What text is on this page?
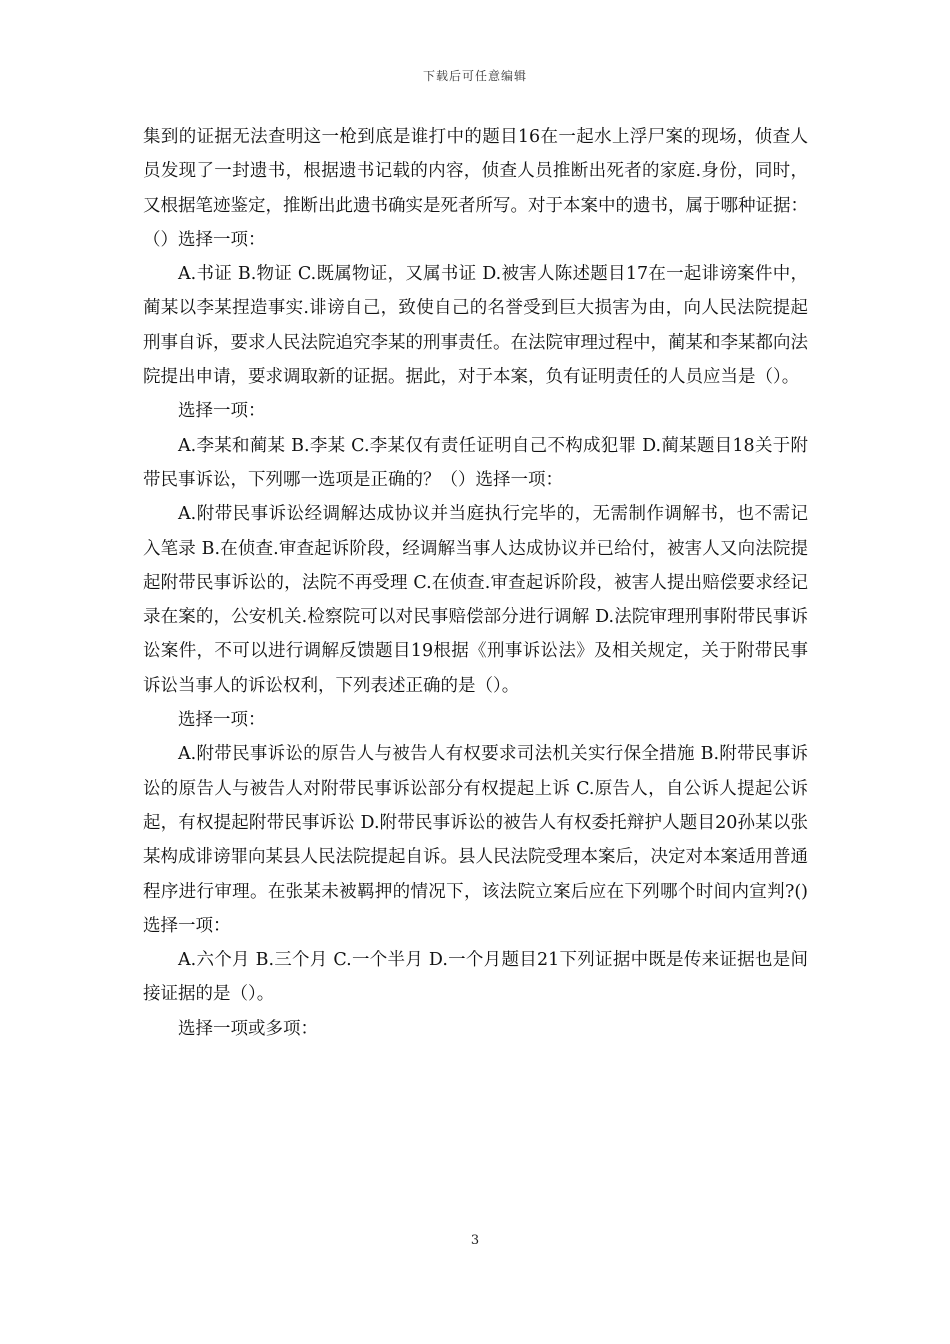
下载后可任意编辑

集到的证据无法查明这一枪到底是谁打中的题目16在一起水上浮尸案的现场，侦查人员发现了一封遗书，根据遗书记载的内容，侦查人员推断出死者的家庭.身份，同时，又根据笔迹鉴定，推断出此遗书确实是死者所写。对于本案中的遗书，属于哪种证据：（）选择一项：

A.书证 B.物证 C.既属物证，又属书证 D.被害人陈述题目17在一起诽谤案件中，蔺某以李某捏造事实.诽谤自己，致使自己的名誉受到巨大损害为由，向人民法院提起刑事自诉，要求人民法院追究李某的刑事责任。在法院审理过程中，蔺某和李某都向法院提出申请，要求调取新的证据。据此，对于本案，负有证明责任的人员应当是（）。

选择一项：

A.李某和蔺某 B.李某 C.李某仅有责任证明自己不构成犯罪 D.蔺某题目18关于附带民事诉讼，下列哪一选项是正确的？（）选择一项：

A.附带民事诉讼经调解达成协议并当庭执行完毕的，无需制作调解书，也不需记入笔录 B.在侦查.审查起诉阶段，经调解当事人达成协议并已给付，被害人又向法院提起附带民事诉讼的，法院不再受理 C.在侦查.审查起诉阶段，被害人提出赔偿要求经记录在案的，公安机关.检察院可以对民事赔偿部分进行调解 D.法院审理刑事附带民事诉讼案件，不可以进行调解反馈题目19根据《刑事诉讼法》及相关规定，关于附带民事诉讼当事人的诉讼权利，下列表述正确的是（）。

选择一项：

A.附带民事诉讼的原告人与被告人有权要求司法机关实行保全措施 B.附带民事诉讼的原告人与被告人对附带民事诉讼部分有权提起上诉 C.原告人，自公诉人提起公诉起，有权提起附带民事诉讼 D.附带民事诉讼的被告人有权委托辩护人题目20孙某以张某构成诽谤罪向某县人民法院提起自诉。县人民法院受理本案后，决定对本案适用普通程序进行审理。在张某未被羁押的情况下，该法院立案后应在下列哪个时间内宣判?()选择一项：

A.六个月 B.三个月 C.一个半月 D.一个月题目21下列证据中既是传来证据也是间接证据的是（）。

选择一项或多项：

3
